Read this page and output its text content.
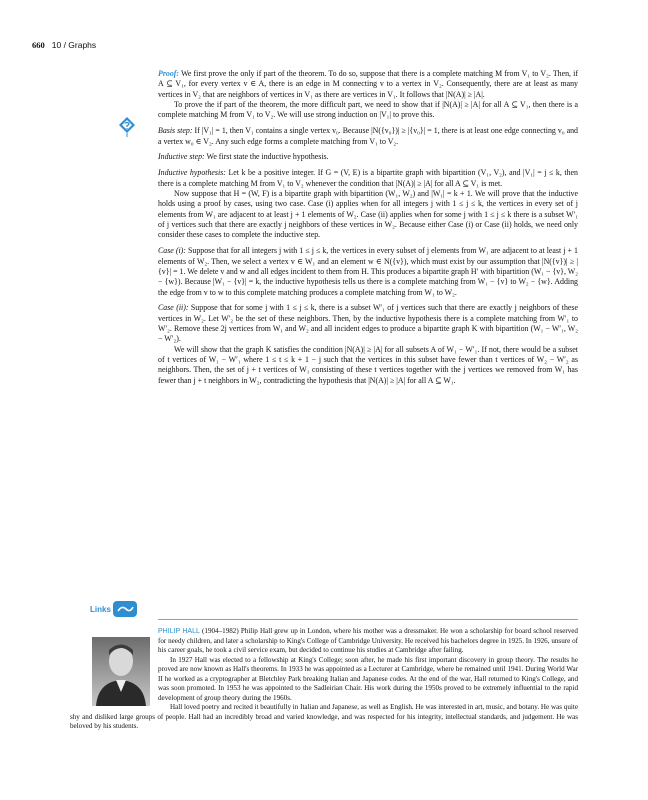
660 10 / Graphs

Proof: We first prove the only if part of the theorem. To do so, suppose that there is a complete matching M from V₁ to V₂. Then, if A ⊆ V₁, for every vertex v ∈ A, there is an edge in M connecting v to a vertex in V₂. Consequently, there are at least as many vertices in V₂ that are neighbors of vertices in V₁ as there are vertices in V₁. It follows that |N(A)| ≥ |A|.

To prove the if part of the theorem, the more difficult part, we need to show that if |N(A)| ≥ |A| for all A ⊆ V₁, then there is a complete matching M from V₁ to V₂. We will use strong induction on |V₁| to prove this.

Basis step: If |V₁| = 1, then V₁ contains a single vertex v₀. Because |N({v₀})| ≥ |{v₀}| = 1, there is at least one edge connecting v₀ and a vertex w₀ ∈ V₂. Any such edge forms a complete matching from V₁ to V₂.

Inductive step: We first state the inductive hypothesis.

Inductive hypothesis: Let k be a positive integer. If G = (V, E) is a bipartite graph with bipartition (V₁, V₂), and |V₁| = j ≤ k, then there is a complete matching M from V₁ to V₂ whenever the condition that |N(A)| ≥ |A| for all A ⊆ V₁ is met.

Now suppose that H = (W, F) is a bipartite graph with bipartition (W₁, W₂) and |W₁| = k + 1. We will prove that the inductive holds using a proof by cases, using two case. Case (i) applies when for all integers j with 1 ≤ j ≤ k, the vertices in every set of j elements from W₁ are adjacent to at least j + 1 elements of W₂. Case (ii) applies when for some j with 1 ≤ j ≤ k there is a subset W′₁ of j vertices such that there are exactly j neighbors of these vertices in W₂. Because either Case (i) or Case (ii) holds, we need only consider these cases to complete the inductive step.

Case (i): Suppose that for all integers j with 1 ≤ j ≤ k, the vertices in every subset of j elements from W₁ are adjacent to at least j + 1 elements of W₂. Then, we select a vertex v ∈ W₁ and an element w ∈ N({v}), which must exist by our assumption that |N({v})| ≥ |{v}| = 1. We delete v and w and all edges incident to them from H. This produces a bipartite graph H′ with bipartition (W₁ − {v}, W₂ − {w}). Because |W₁ − {v}| = k, the inductive hypothesis tells us there is a complete matching from W₁ − {v} to W₂ − {w}. Adding the edge from v to w to this complete matching produces a complete matching from W₁ to W₂.

Case (ii): Suppose that for some j with 1 ≤ j ≤ k, there is a subset W′₁ of j vertices such that there are exactly j neighbors of these vertices in W₂. Let W′₂ be the set of these neighbors. Then, by the inductive hypothesis there is a complete matching from W′₁ to W′₂. Remove these 2j vertices from W₁ and W₂ and all incident edges to produce a bipartite graph K with bipartition (W₁ − W′₁, W₂ − W′₂).

We will show that the graph K satisfies the condition |N(A)| ≥ |A| for all subsets A of W₁ − W′₁. If not, there would be a subset of t vertices of W₁ − W′₁ where 1 ≤ t ≤ k + 1 − j such that the vertices in this subset have fewer than t vertices of W₂ − W′₂ as neighbors. Then, the set of j + t vertices of W₁ consisting of these t vertices together with the j vertices we removed from W₁ has fewer than j + t neighbors in W₂, contradicting the hypothesis that |N(A)| ≥ |A| for all A ⊆ W₁.

Links

PHILIP HALL (1904–1982) Philip Hall grew up in London, where his mother was a dressmaker. He won a scholarship for board school reserved for needy children, and later a scholarship to King's College of Cambridge University. He received his bachelors degree in 1925. In 1926, unsure of his career goals, he took a civil service exam, but decided to continue his studies at Cambridge after failing.

In 1927 Hall was elected to a fellowship at King's College; soon after, he made his first important discovery in group theory. The results he proved are now known as Hall's theorems. In 1933 he was appointed as a Lecturer at Cambridge, where he remained until 1941. During World War II he worked as a cryptographer at Bletchley Park breaking Italian and Japanese codes. At the end of the war, Hall returned to King's College, and was soon promoted. In 1953 he was appointed to the Sadleirian Chair. His work during the 1950s proved to be extremely influential to the rapid development of group theory during the 1960s.

Hall loved poetry and recited it beautifully in Italian and Japanese, as well as English. He was interested in art, music, and botany. He was quite shy and disliked large groups of people. Hall had an incredibly broad and varied knowledge, and was respected for his integrity, intellectual standards, and judgement. He was beloved by his students.
